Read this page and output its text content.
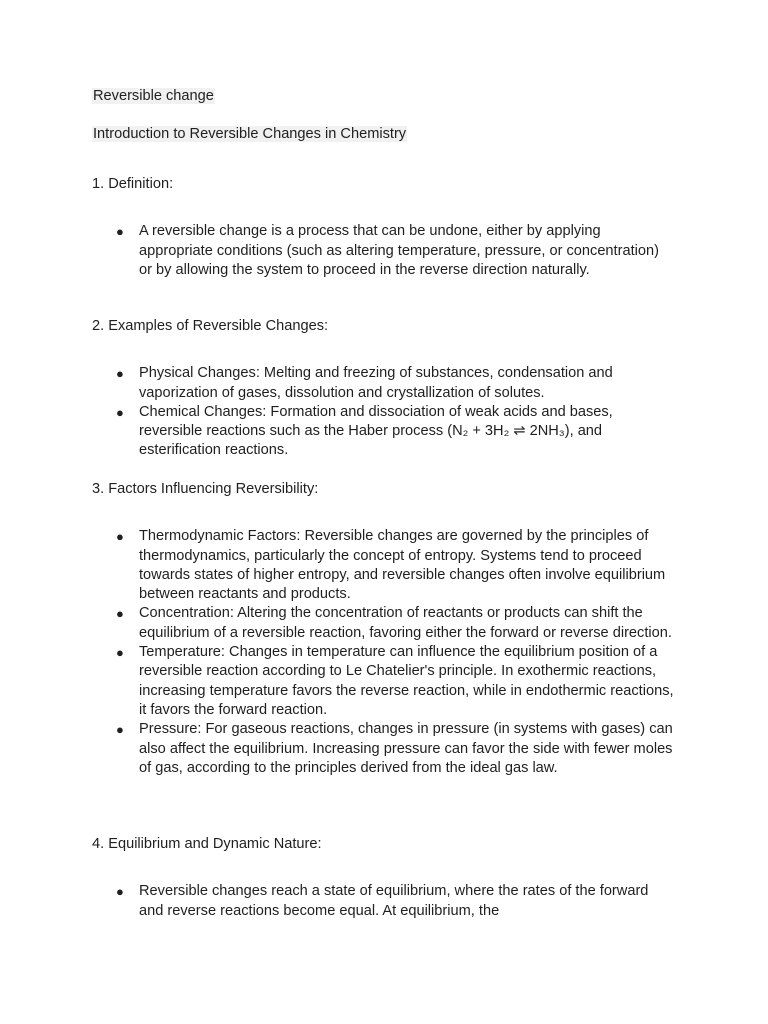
Reversible change
Introduction to Reversible Changes in Chemistry

1. Definition:

● A reversible change is a process that can be undone, either by applying appropriate conditions (such as altering temperature, pressure, or concentration) or by allowing the system to proceed in the reverse direction naturally.

2. Examples of Reversible Changes:

● Physical Changes: Melting and freezing of substances, condensation and vaporization of gases, dissolution and crystallization of solutes.
● Chemical Changes: Formation and dissociation of weak acids and bases, reversible reactions such as the Haber process (N₂ + 3H₂ ⇌ 2NH₃), and esterification reactions.

3. Factors Influencing Reversibility:

● Thermodynamic Factors: Reversible changes are governed by the principles of thermodynamics, particularly the concept of entropy. Systems tend to proceed towards states of higher entropy, and reversible changes often involve equilibrium between reactants and products.
● Concentration: Altering the concentration of reactants or products can shift the equilibrium of a reversible reaction, favoring either the forward or reverse direction.
● Temperature: Changes in temperature can influence the equilibrium position of a reversible reaction according to Le Chatelier's principle. In exothermic reactions, increasing temperature favors the reverse reaction, while in endothermic reactions, it favors the forward reaction.
● Pressure: For gaseous reactions, changes in pressure (in systems with gases) can also affect the equilibrium. Increasing pressure can favor the side with fewer moles of gas, according to the principles derived from the ideal gas law.

4. Equilibrium and Dynamic Nature:

● Reversible changes reach a state of equilibrium, where the rates of the forward and reverse reactions become equal. At equilibrium, the
